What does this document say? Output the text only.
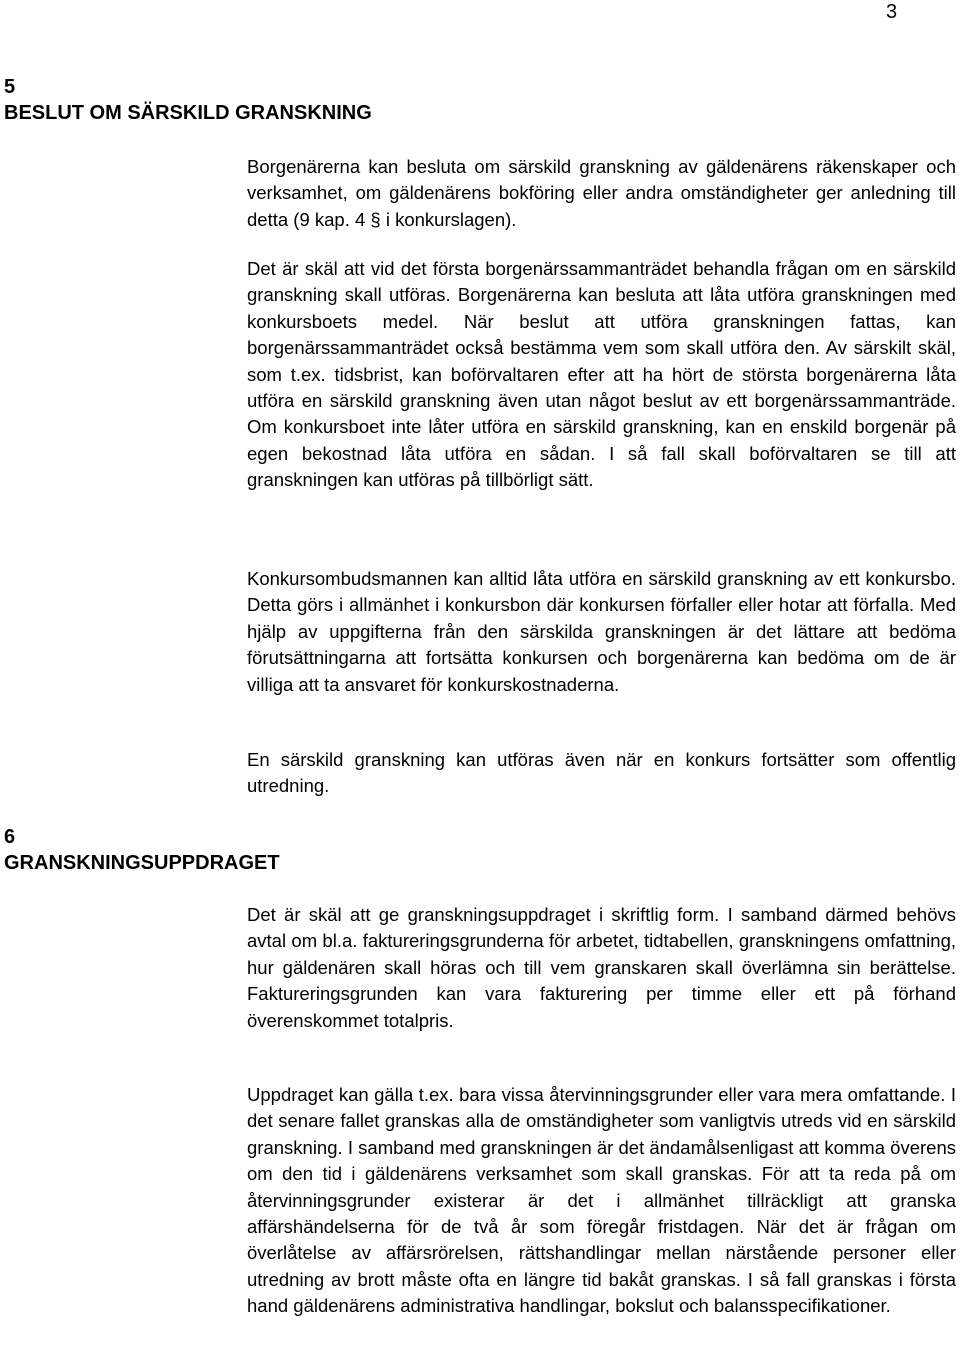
3
5
BESLUT OM SÄRSKILD GRANSKNING

Borgenärerna kan besluta om särskild granskning av gäldenärens räkenskaper och verksamhet, om gäldenärens bokföring eller andra omständigheter ger anledning till detta (9 kap. 4 § i konkurslagen).

Det är skäl att vid det första borgenärssammanträdet behandla frågan om en särskild granskning skall utföras. Borgenärerna kan besluta att låta utföra granskningen med konkursboets medel. När beslut att utföra granskningen fattas, kan borgenärssammanträdet också bestämma vem som skall utföra den. Av särskilt skäl, som t.ex. tidsbrist, kan boförvaltaren efter att ha hört de största borgenärerna låta utföra en särskild granskning även utan något beslut av ett borgenärssammanträde. Om konkursboet inte låter utföra en särskild granskning, kan en enskild borgenär på egen bekostnad låta utföra en sådan. I så fall skall boförvaltaren se till att granskningen kan utföras på tillbörligt sätt.

Konkursombudsmannen kan alltid låta utföra en särskild granskning av ett konkursbo. Detta görs i allmänhet i konkursbon där konkursen förfaller eller hotar att förfalla. Med hjälp av uppgifterna från den särskilda granskningen är det lättare att bedöma förutsättningarna att fortsätta konkursen och borgenärerna kan bedöma om de är villiga att ta ansvaret för konkurskostnaderna.

En särskild granskning kan utföras även när en konkurs fortsätter som offentlig utredning.

6
GRANSKNINGSUPPDRAGET

Det är skäl att ge granskningsuppdraget i skriftlig form. I samband därmed behövs avtal om bl.a. faktureringsgrunderna för arbetet, tidtabellen, granskningens omfattning, hur gäldenären skall höras och till vem granskaren skall överlämna sin berättelse. Faktureringsgrunden kan vara fakturering per timme eller ett på förhand överenskommet totalpris.

Uppdraget kan gälla t.ex. bara vissa återvinningsgrunder eller vara mera omfattande. I det senare fallet granskas alla de omständigheter som vanligtvis utreds vid en särskild granskning. I samband med granskningen är det ändamålsenligast att komma överens om den tid i gäldenärens verksamhet som skall granskas. För att ta reda på om återvinningsgrunder existerar är det i allmänhet tillräckligt att granska affärshändelserna för de två år som föregår fristdagen. När det är frågan om överlåtelse av affärsrörelsen, rättshandlingar mellan närstående personer eller utredning av brott måste ofta en längre tid bakåt granskas. I så fall granskas i första hand gäldenärens administrativa handlingar, bokslut och balansspecifikationer.
